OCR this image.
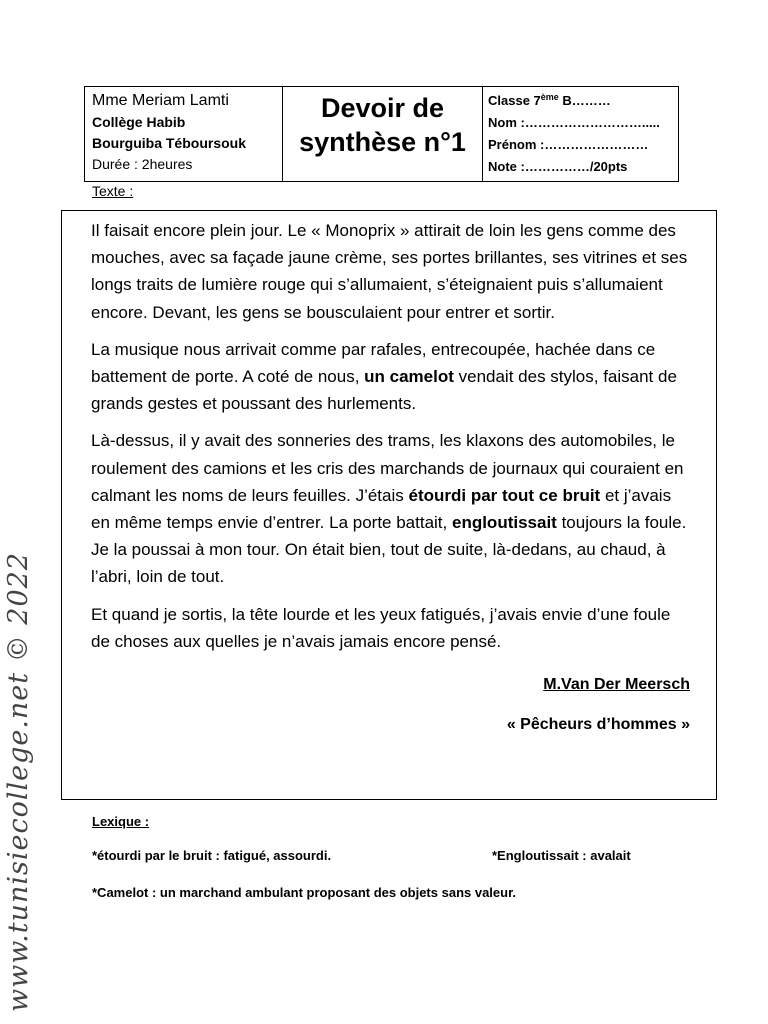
Mme Meriam Lamti
Collège Habib
Bourguiba Téboursouk
Durée : 2heures
Devoir de
synthèse n°1
Classe 7ème B………
Nom :……………………….....
Prénom :……………………
Note :……………/20pts
Texte :

Il faisait encore plein jour. Le « Monoprix » attirait de loin les gens comme des mouches, avec sa façade jaune crème, ses portes brillantes, ses vitrines et ses longs traits de lumière rouge qui s’allumaient, s’éteignaient puis s’allumaient encore. Devant, les gens se bousculaient pour entrer et sortir.

La musique nous arrivait comme par rafales, entrecoupée, hachée dans ce battement de porte. A coté de nous, un camelot vendait des stylos, faisant de grands gestes et poussant des hurlements.

Là-dessus, il y avait des sonneries des trams, les klaxons des automobiles, le roulement des camions et les cris des marchands de journaux qui couraient en calmant les noms de leurs feuilles. J’étais étourdi par tout ce bruit et j’avais en même temps envie d’entrer. La porte battait, engloutissait toujours la foule. Je la poussai à mon tour. On était bien, tout de suite, là-dedans, au chaud, à l’abri, loin de tout.

Et quand je sortis, la tête lourde et les yeux fatigués, j’avais envie d’une foule de choses aux quelles je n’avais jamais encore pensé.

M.Van Der Meersch
« Pêcheurs d’hommes »
Lexique :
*étourdi par le bruit : fatigué, assourdi.	*Engloutissait : avalait
*Camelot : un marchand ambulant proposant des objets sans valeur.
www.tunisiecollege.net © 2022
